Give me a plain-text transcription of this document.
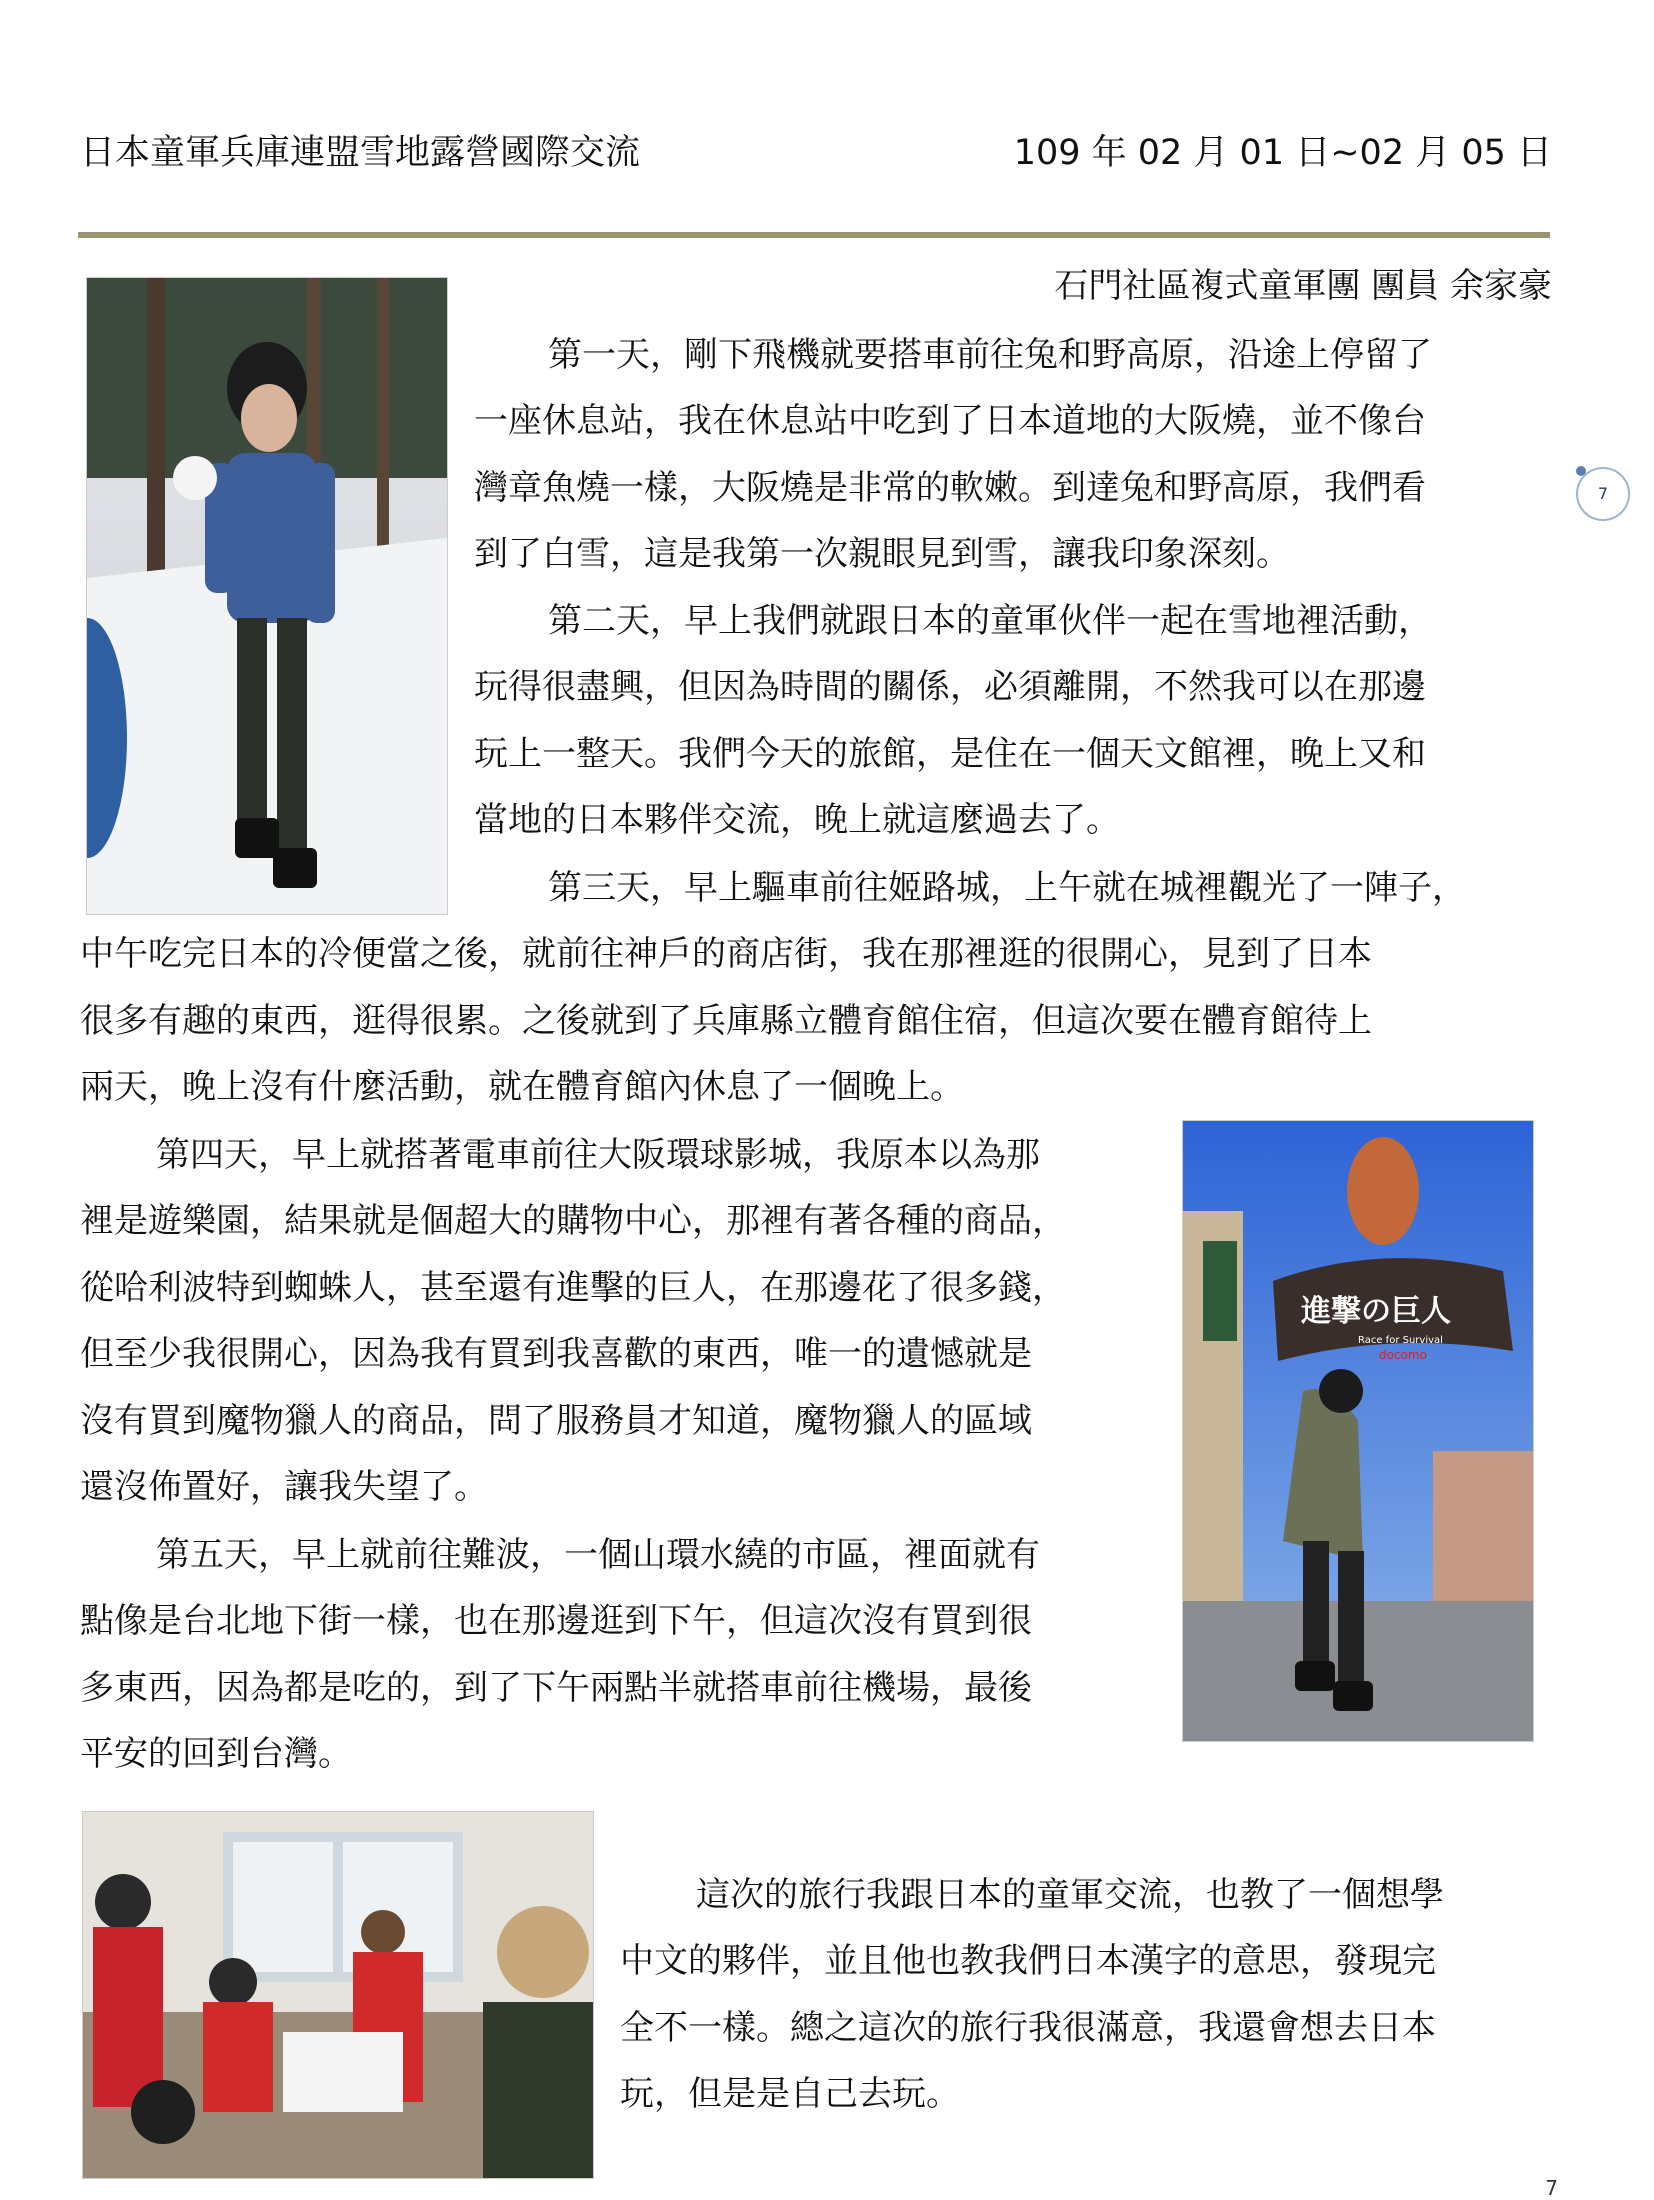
日本童軍兵庫連盟雪地露營國際交流	109 年 02 月 01 日~02 月 05 日
石門社區複式童軍團 團員 余家豪
7
進撃の巨人
Race for Survival
docomo
第一天，剛下飛機就要搭車前往兔和野高原，沿途上停留了
一座休息站，我在休息站中吃到了日本道地的大阪燒，並不像台
灣章魚燒一樣，大阪燒是非常的軟嫩。到達兔和野高原，我們看
到了白雪，這是我第一次親眼見到雪，讓我印象深刻。
第二天，早上我們就跟日本的童軍伙伴一起在雪地裡活動，
玩得很盡興，但因為時間的關係，必須離開，不然我可以在那邊
玩上一整天。我們今天的旅館，是住在一個天文館裡，晚上又和
當地的日本夥伴交流，晚上就這麼過去了。
第三天，早上驅車前往姬路城，上午就在城裡觀光了一陣子，
中午吃完日本的冷便當之後，就前往神戶的商店街，我在那裡逛的很開心，見到了日本
很多有趣的東西，逛得很累。之後就到了兵庫縣立體育館住宿，但這次要在體育館待上
兩天，晚上沒有什麼活動，就在體育館內休息了一個晚上。
第四天，早上就搭著電車前往大阪環球影城，我原本以為那
裡是遊樂園，結果就是個超大的購物中心，那裡有著各種的商品，
從哈利波特到蜘蛛人，甚至還有進擊的巨人，在那邊花了很多錢，
但至少我很開心，因為我有買到我喜歡的東西，唯一的遺憾就是
沒有買到魔物獵人的商品，問了服務員才知道，魔物獵人的區域
還沒佈置好，讓我失望了。
第五天，早上就前往難波，一個山環水繞的市區，裡面就有
點像是台北地下街一樣，也在那邊逛到下午，但這次沒有買到很
多東西，因為都是吃的，到了下午兩點半就搭車前往機場，最後
平安的回到台灣。
這次的旅行我跟日本的童軍交流，也教了一個想學
中文的夥伴，並且他也教我們日本漢字的意思，發現完
全不一樣。總之這次的旅行我很滿意，我還會想去日本
玩，但是是自己去玩。
7
